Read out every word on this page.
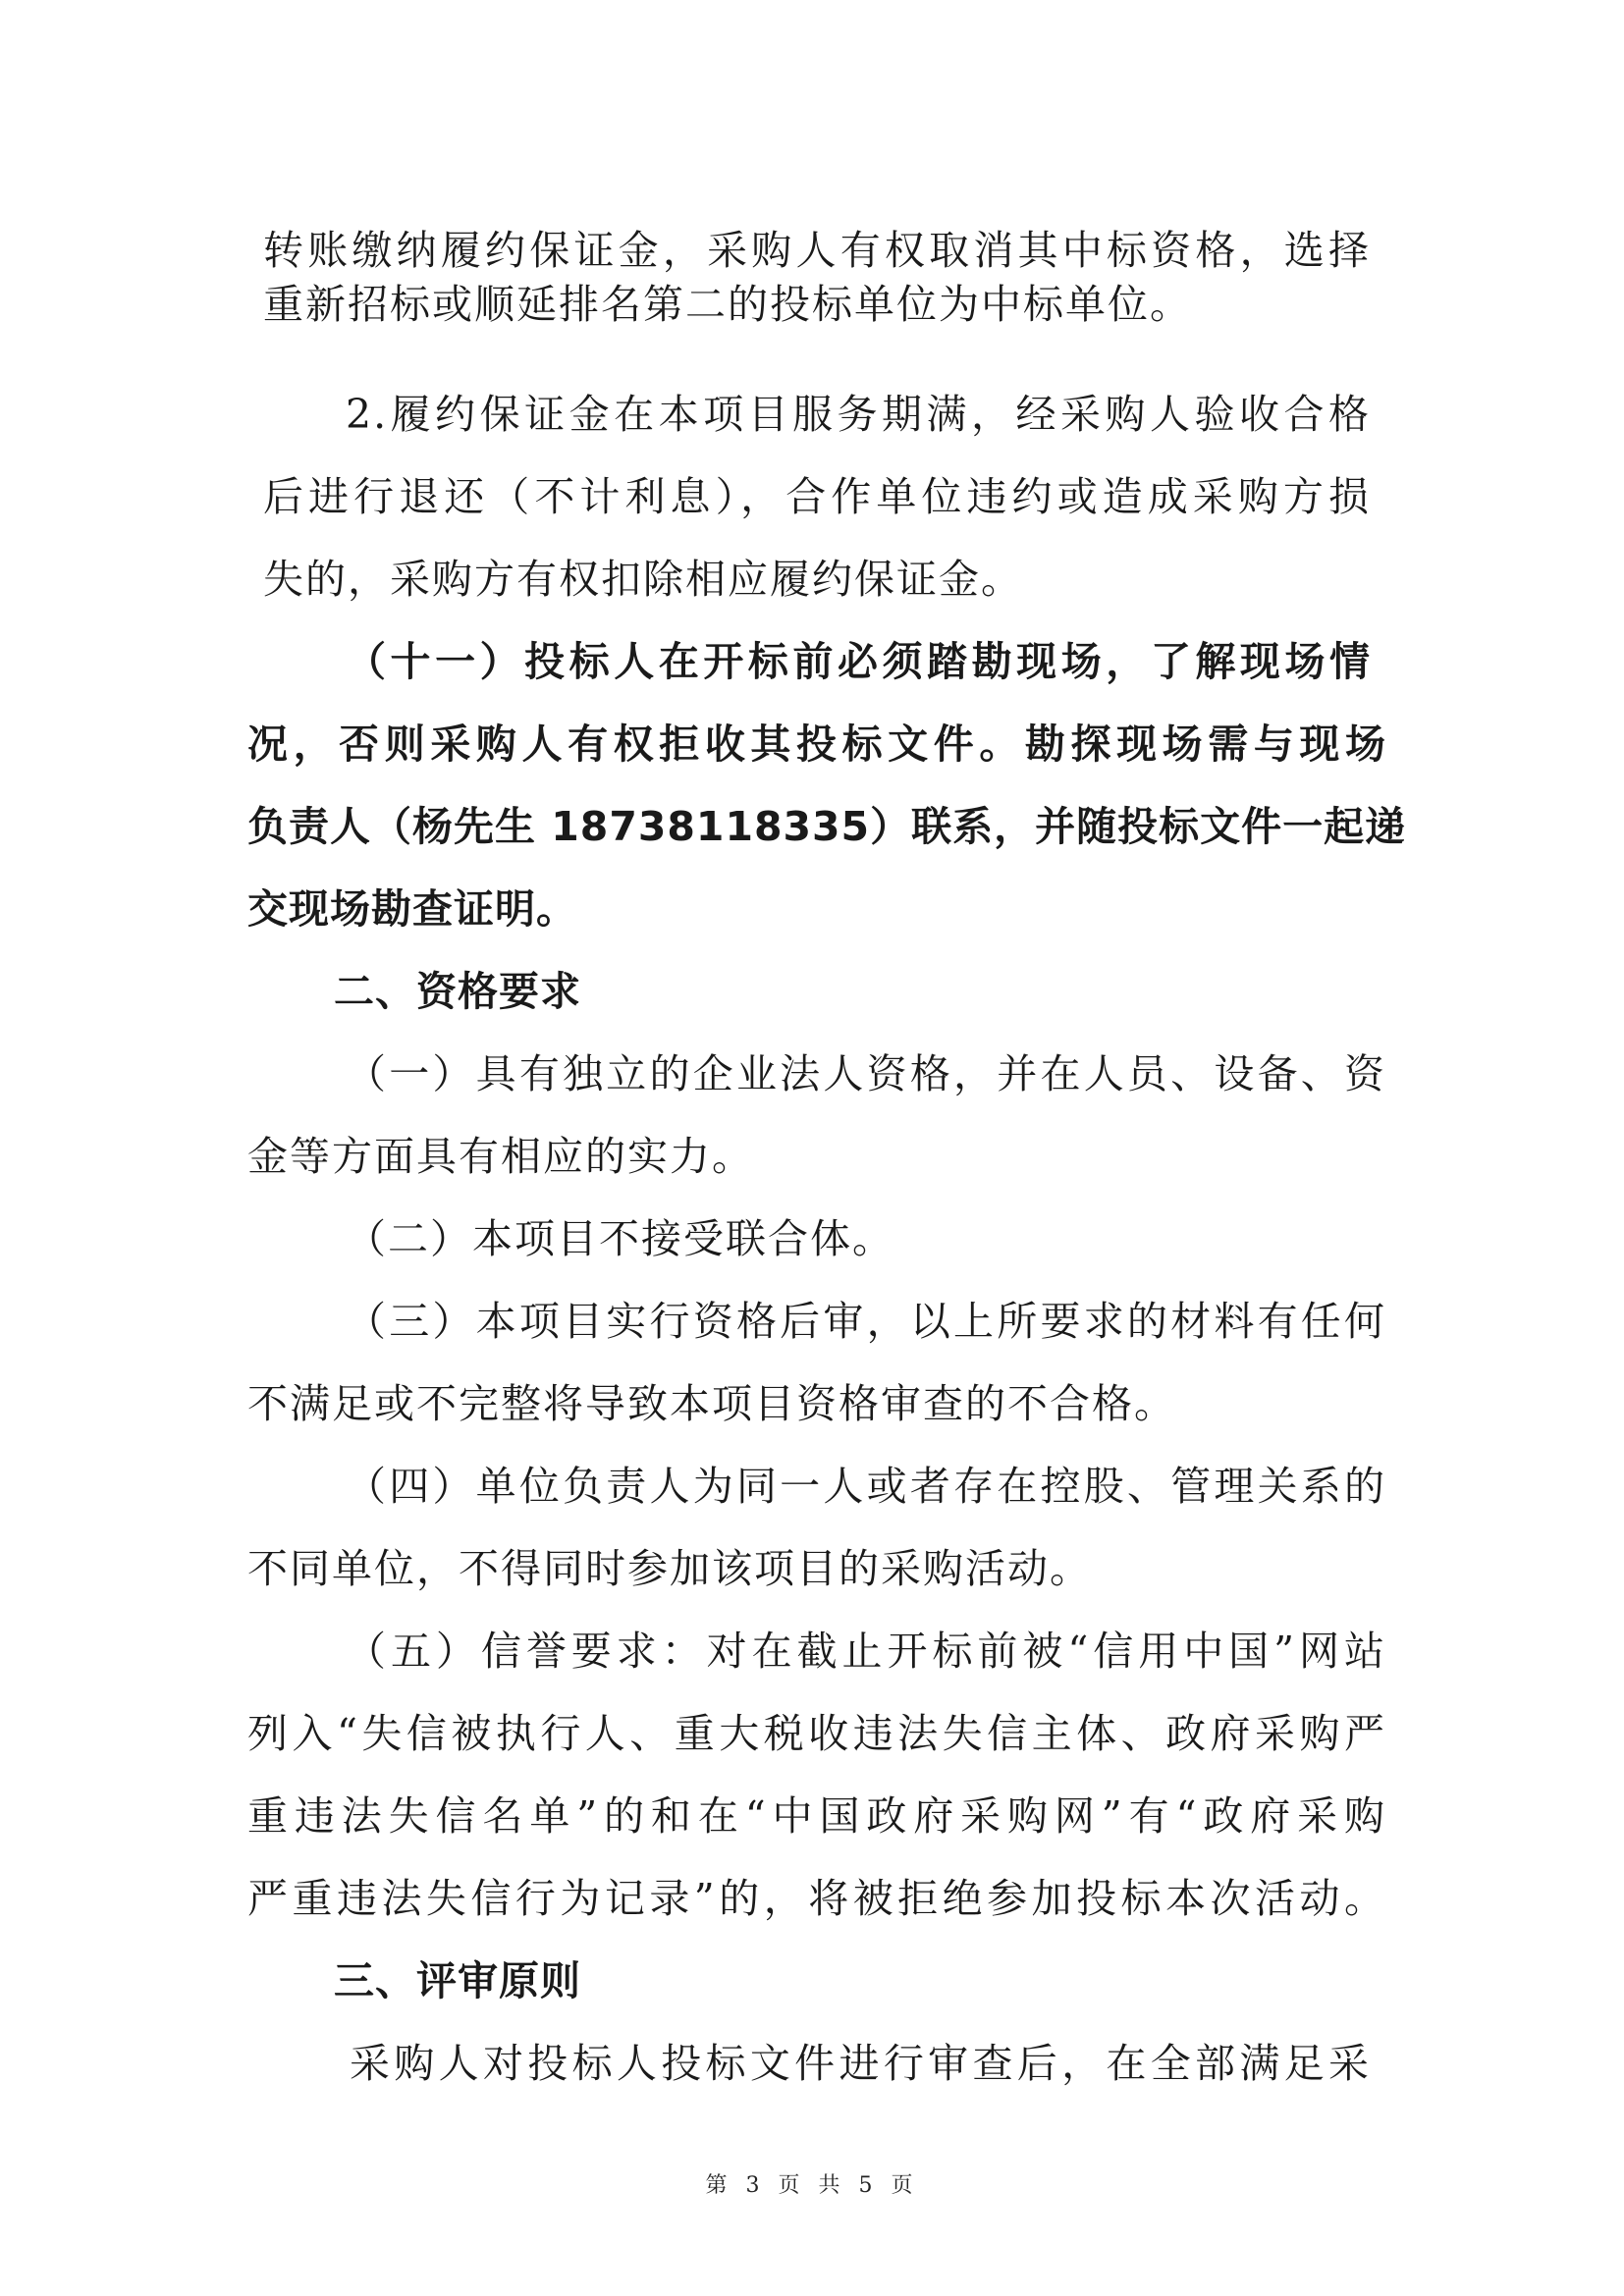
转账缴纳履约保证金，采购人有权取消其中标资格，选择
重新招标或顺延排名第二的投标单位为中标单位。
2.履约保证金在本项目服务期满，经采购人验收合格
后进行退还（不计利息），合作单位违约或造成采购方损
失的，采购方有权扣除相应履约保证金。
（十一）投标人在开标前必须踏勘现场，了解现场情
况，否则采购人有权拒收其投标文件。勘探现场需与现场
负责人（杨先生 18738118335）联系，并随投标文件一起递
交现场勘查证明。
二、资格要求
（一）具有独立的企业法人资格，并在人员、设备、资
金等方面具有相应的实力。
（二）本项目不接受联合体。
（三）本项目实行资格后审，以上所要求的材料有任何
不满足或不完整将导致本项目资格审查的不合格。
（四）单位负责人为同一人或者存在控股、管理关系的
不同单位，不得同时参加该项目的采购活动。
（五）信誉要求：对在截止开标前被“信用中国”网站
列入“失信被执行人、重大税收违法失信主体、政府采购严
重违法失信名单”的和在“中国政府采购网”有“政府采购
严重违法失信行为记录”的，将被拒绝参加投标本次活动。
三、评审原则
采购人对投标人投标文件进行审查后，在全部满足采
第 3 页 共 5 页
